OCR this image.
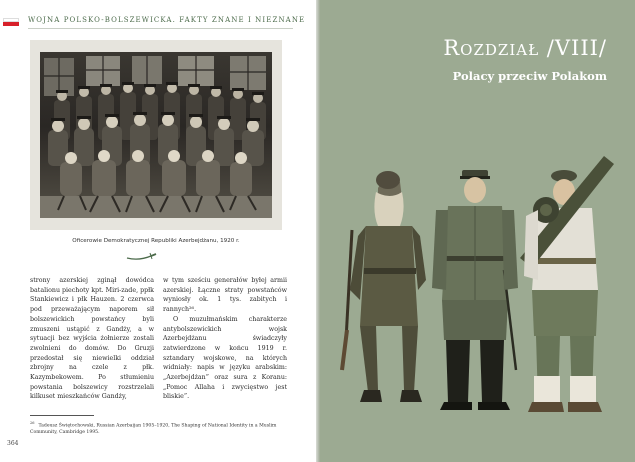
WOJNA POLSKO-BOLSZEWICKA. FAKTY ZNANE I NIEZNANE
Oficerowie Demokratycznej Republiki Azerbejdżanu, 1920 r.

strony azerskiej zginął dowódca batalionu piechoty kpt. Miri-zade, ppłk Stankiewicz i płk Hauzen. 2 czerwca pod przeważającym naporem sił bolszewickich powstańcy byli zmuszeni ustąpić z Gandży, a w sytuacji bez wyjścia żołnierze zostali zwolnieni do domów. Do Gruzji przedostał się niewielki oddział zbrojny na czele z płk. Kazymbekowem. Po stłumieniu powstania bolszewicy rozstrzelali kilkuset mieszkańców Gandży,

w tym sześciu generałów byłej armii azerskiej. Łączne straty powstańców wyniosły ok. 1 tys. zabitych i rannych²⁶.

O muzułmańskim charakterze antybolszewickich wojsk Azerbejdżanu świadczyły zatwierdzone w końcu 1919 r. sztandary wojskowe, na których widniały: napis w języku arabskim: „Azerbejdżan” oraz sura z Koranu: „Pomoc Allaha i zwycięstwo jest bliskie”.

$^{26}$Tadeusz Świętochowski, Russian Azerbaijan 1905–1920, The Shaping of National Identity in a Muslim Community, Cambridge 1995.
364
Rozdział /VIII/
Polacy przeciw Polakom
